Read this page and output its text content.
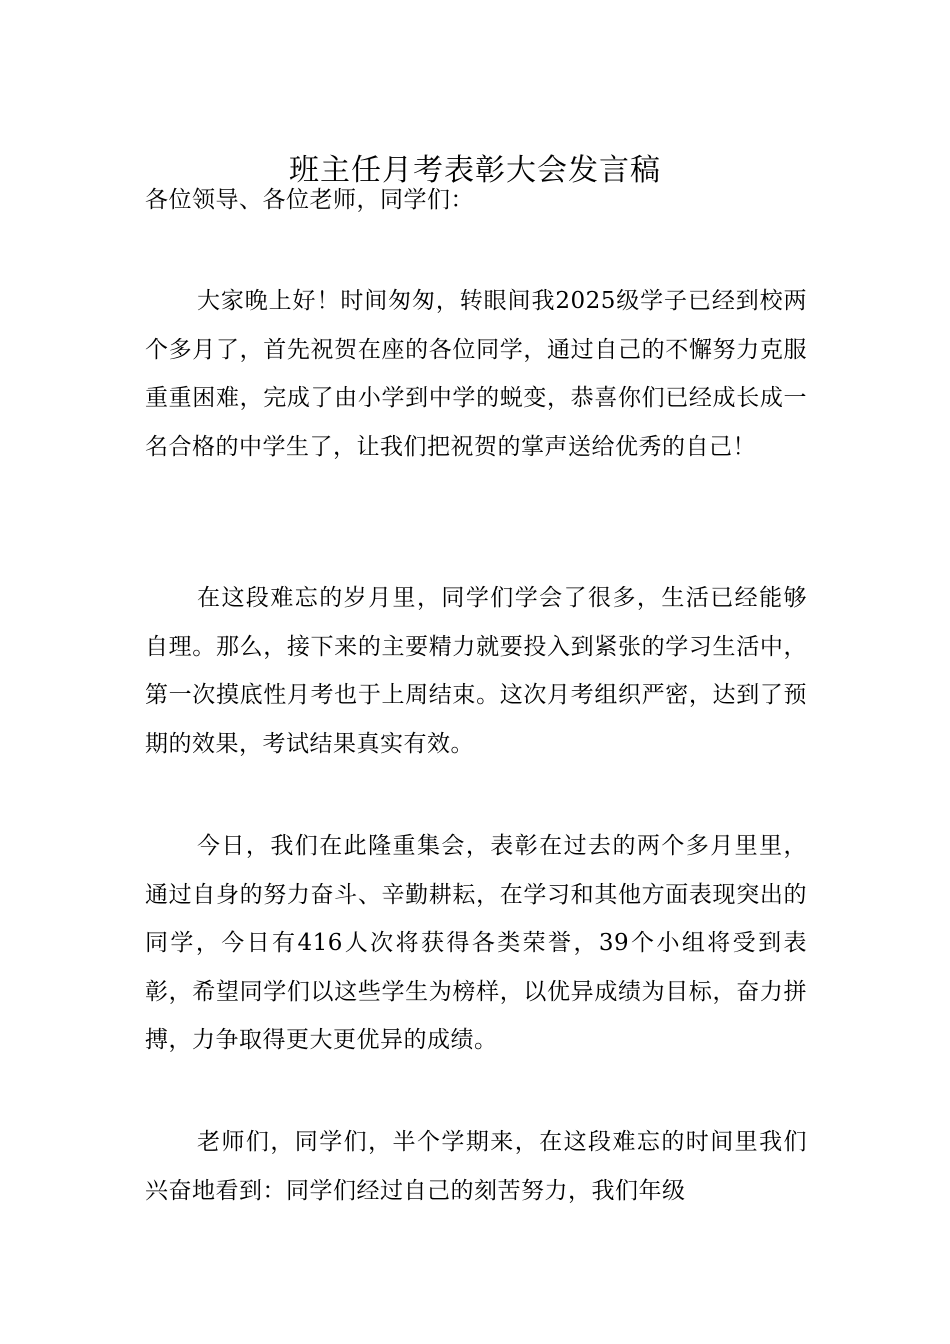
班主任月考表彰大会发言稿
各位领导、各位老师，同学们：

大家晚上好！时间匆匆，转眼间我2025级学子已经到校两个多月了，首先祝贺在座的各位同学，通过自己的不懈努力克服重重困难，完成了由小学到中学的蜕变，恭喜你们已经成长成一名合格的中学生了，让我们把祝贺的掌声送给优秀的自己！

在这段难忘的岁月里，同学们学会了很多，生活已经能够自理。那么，接下来的主要精力就要投入到紧张的学习生活中，第一次摸底性月考也于上周结束。这次月考组织严密，达到了预期的效果，考试结果真实有效。

今日，我们在此隆重集会，表彰在过去的两个多月里里，通过自身的努力奋斗、辛勤耕耘，在学习和其他方面表现突出的同学，今日有416人次将获得各类荣誉，39个小组将受到表彰，希望同学们以这些学生为榜样，以优异成绩为目标，奋力拼搏，力争取得更大更优异的成绩。

老师们，同学们，半个学期来，在这段难忘的时间里我们兴奋地看到：同学们经过自己的刻苦努力，我们年级
